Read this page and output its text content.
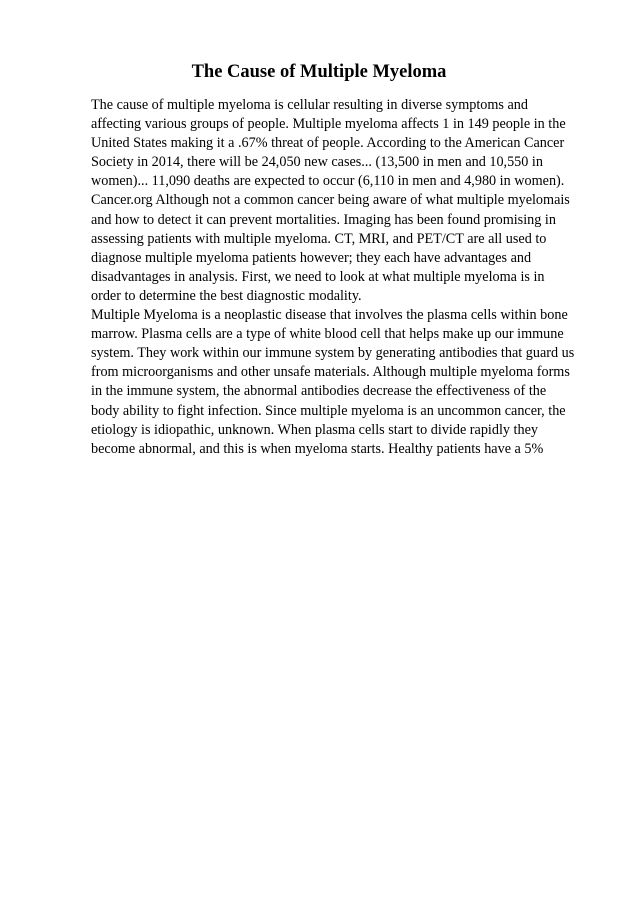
The Cause of Multiple Myeloma
The cause of multiple myeloma is cellular resulting in diverse symptoms and
affecting various groups of people. Multiple myeloma affects 1 in 149 people in the
United States making it a .67% threat of people. According to the American Cancer
Society in 2014, there will be 24,050 new cases... (13,500 in men and 10,550 in
women)... 11,090 deaths are expected to occur (6,110 in men and 4,980 in women).
Cancer.org Although not a common cancer being aware of what multiple myelomais
and how to detect it can prevent mortalities. Imaging has been found promising in
assessing patients with multiple myeloma. CT, MRI, and PET/CT are all used to
diagnose multiple myeloma patients however; they each have advantages and
disadvantages in analysis. First, we need to look at what multiple myeloma is in
order to determine the best diagnostic modality.
Multiple Myeloma is a neoplastic disease that involves the plasma cells within bone
marrow. Plasma cells are a type of white blood cell that helps make up our immune
system. They work within our immune system by generating antibodies that guard us
from microorganisms and other unsafe materials. Although multiple myeloma forms
in the immune system, the abnormal antibodies decrease the effectiveness of the
body ability to fight infection. Since multiple myeloma is an uncommon cancer, the
etiology is idiopathic, unknown. When plasma cells start to divide rapidly they
become abnormal, and this is when myeloma starts. Healthy patients have a 5%
